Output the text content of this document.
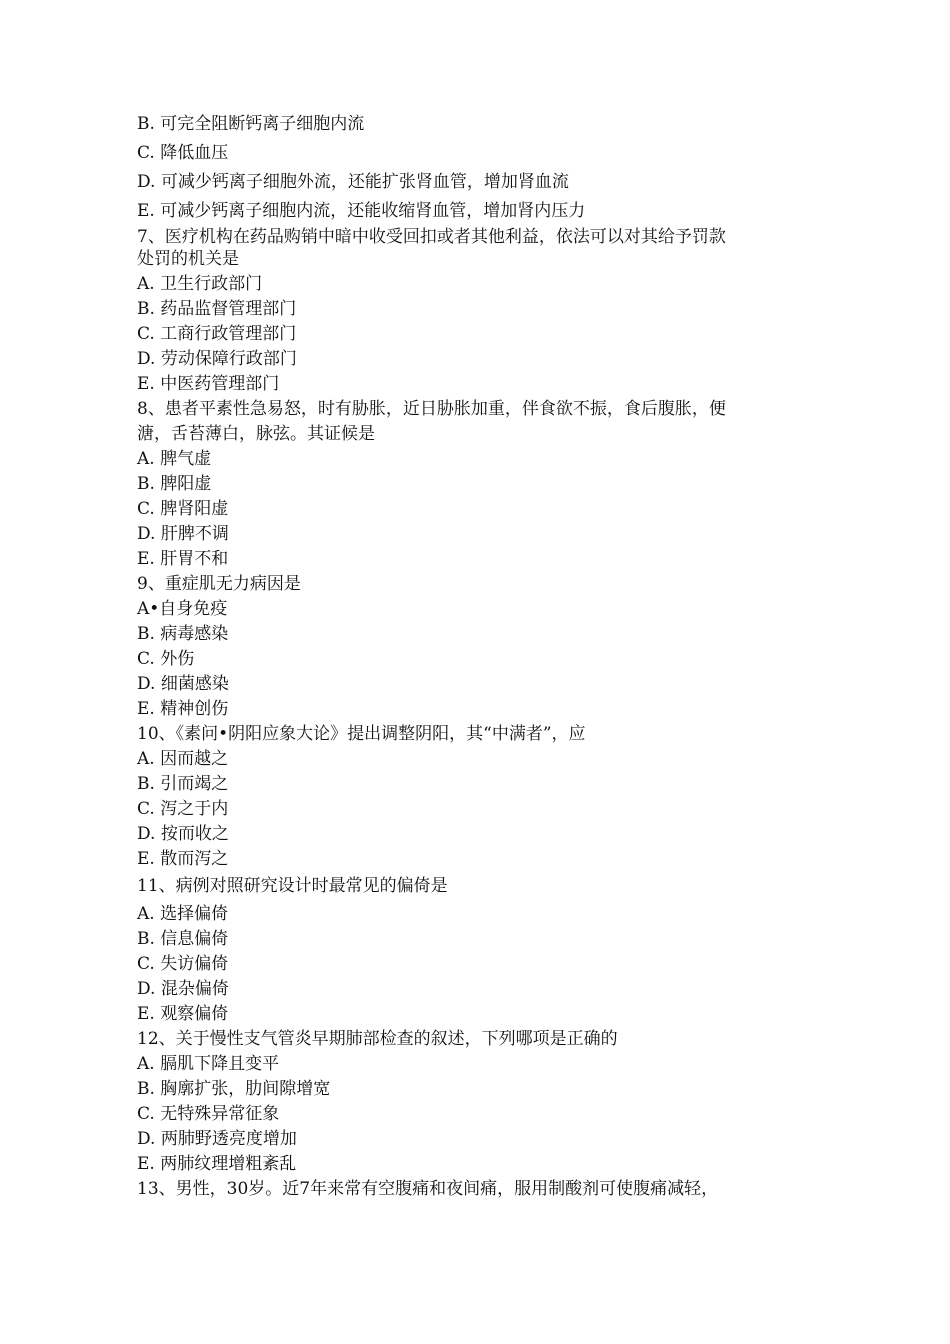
B. 可完全阻断钙离子细胞内流
C. 降低血压
D. 可减少钙离子细胞外流，还能扩张肾血管，增加肾血流
E. 可减少钙离子细胞内流，还能收缩肾血管，增加肾内压力
7、医疗机构在药品购销中暗中收受回扣或者其他利益，依法可以对其给予罚款
处罚的机关是
A. 卫生行政部门
B. 药品监督管理部门
C. 工商行政管理部门
D. 劳动保障行政部门
E. 中医药管理部门
8、患者平素性急易怒，时有胁胀，近日胁胀加重，伴食欲不振，食后腹胀，便
溏，舌苔薄白，脉弦。其证候是
A. 脾气虚
B. 脾阳虚
C. 脾肾阳虚
D. 肝脾不调
E. 肝胃不和
9、重症肌无力病因是
A•自身免疫
B. 病毒感染
C. 外伤
D. 细菌感染
E. 精神创伤
10、《素问•阴阳应象大论》提出调整阴阳，其“中满者”，应
A. 因而越之
B. 引而竭之
C. 泻之于内
D. 按而收之
E. 散而泻之
11、病例对照研究设计时最常见的偏倚是
A. 选择偏倚
B. 信息偏倚
C. 失访偏倚
D. 混杂偏倚
E. 观察偏倚
12、关于慢性支气管炎早期肺部检查的叙述，下列哪项是正确的
A. 膈肌下降且变平
B. 胸廓扩张，肋间隙增宽
C. 无特殊异常征象
D. 两肺野透亮度增加
E. 两肺纹理增粗紊乱
13、男性，30岁。近7年来常有空腹痛和夜间痛，服用制酸剂可使腹痛减轻，
